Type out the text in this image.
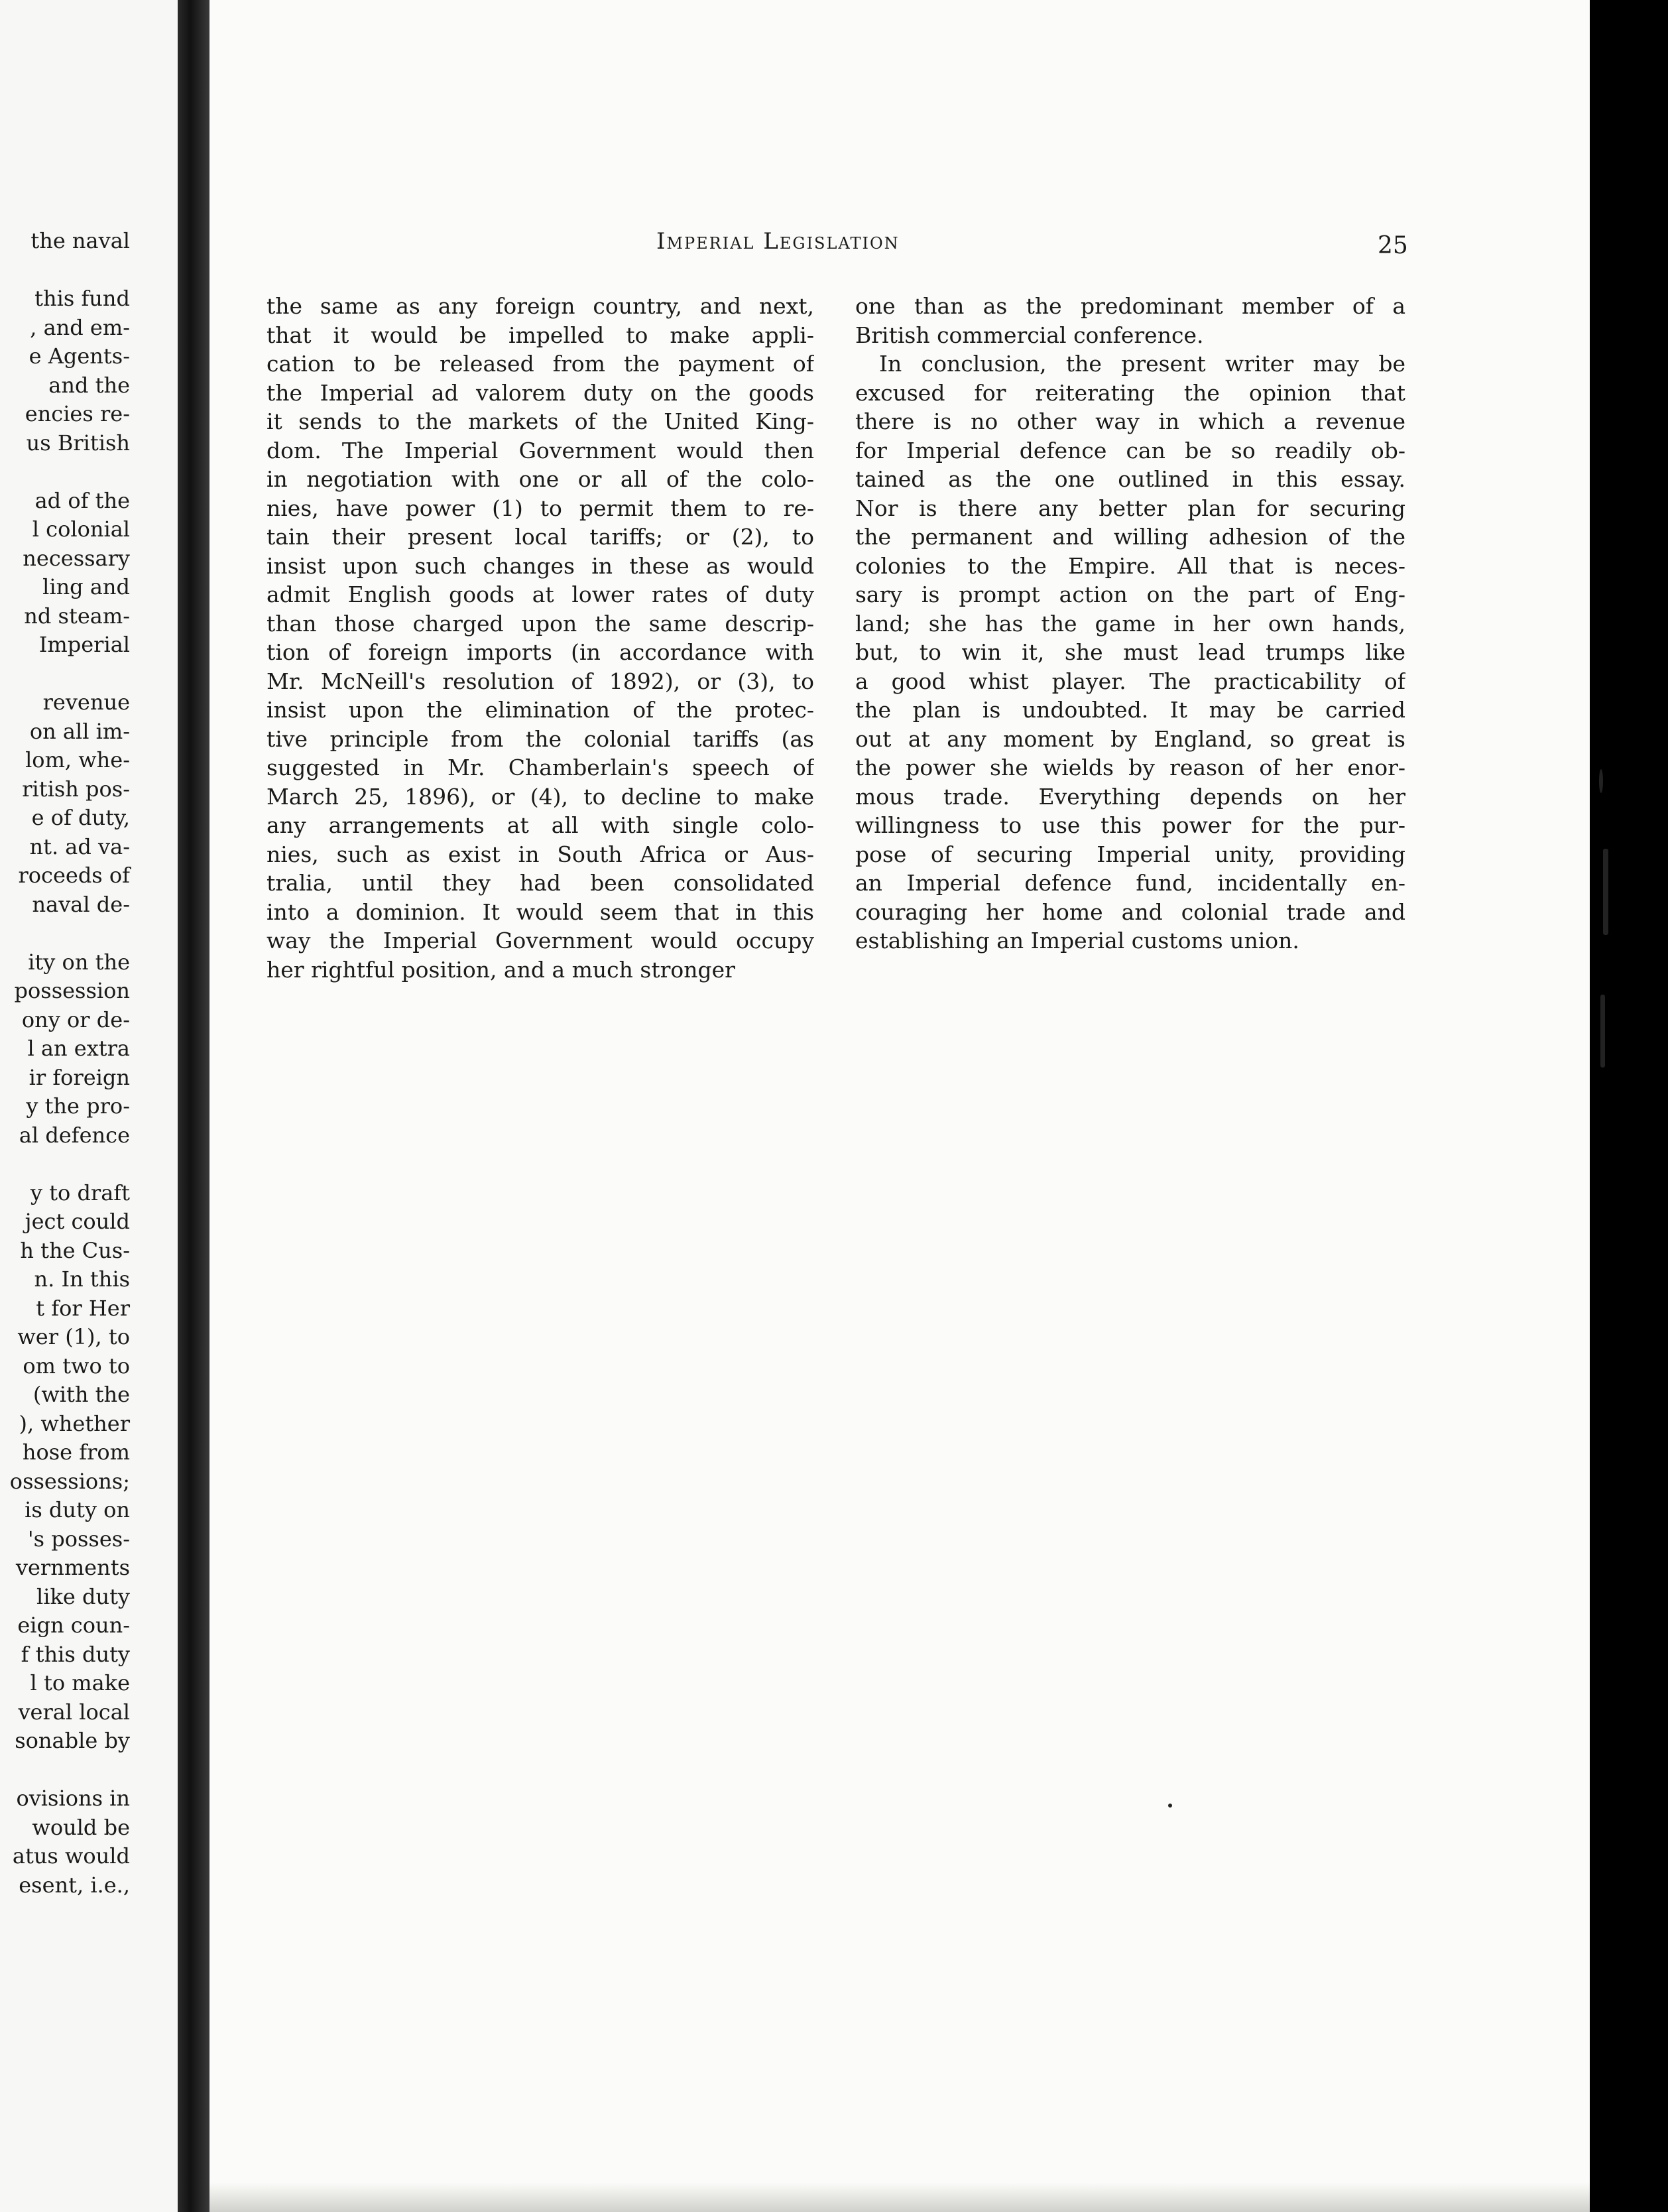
the naval
this fund
, and em-
e Agents-
and the
encies re-
us British
ad of the
l colonial
necessary
ling and
nd steam-
Imperial
revenue
on all im-
lom, whe-
ritish pos-
e of duty,
nt. ad va-
roceeds of
naval de-
ity on the
possession
ony or de-
l an extra
ir foreign
y the pro-
al defence
y to draft
ject could
h the Cus-
n. In this
t for Her
wer (1), to
om two to
(with the
), whether
hose from
ossessions;
is duty on
's posses-
vernments
like duty
eign coun-
f this duty
l to make
veral local
sonable by
ovisions in
would be
atus would
esent, i.e.,
Imperial Legislation	25
the same as any foreign country, and next,
that it would be impelled to make appli-
cation to be released from the payment of
the Imperial ad valorem duty on the goods
it sends to the markets of the United King-
dom. The Imperial Government would then
in negotiation with one or all of the colo-
nies, have power (1) to permit them to re-
tain their present local tariffs; or (2), to
insist upon such changes in these as would
admit English goods at lower rates of duty
than those charged upon the same descrip-
tion of foreign imports (in accordance with
Mr. McNeill's resolution of 1892), or (3), to
insist upon the elimination of the protec-
tive principle from the colonial tariffs (as
suggested in Mr. Chamberlain's speech of
March 25, 1896), or (4), to decline to make
any arrangements at all with single colo-
nies, such as exist in South Africa or Aus-
tralia, until they had been consolidated
into a dominion. It would seem that in this
way the Imperial Government would occupy
her rightful position, and a much stronger
one than as the predominant member of a
British commercial conference.
In conclusion, the present writer may be
excused for reiterating the opinion that
there is no other way in which a revenue
for Imperial defence can be so readily ob-
tained as the one outlined in this essay.
Nor is there any better plan for securing
the permanent and willing adhesion of the
colonies to the Empire. All that is neces-
sary is prompt action on the part of Eng-
land; she has the game in her own hands,
but, to win it, she must lead trumps like
a good whist player. The practicability of
the plan is undoubted. It may be carried
out at any moment by England, so great is
the power she wields by reason of her enor-
mous trade. Everything depends on her
willingness to use this power for the pur-
pose of securing Imperial unity, providing
an Imperial defence fund, incidentally en-
couraging her home and colonial trade and
establishing an Imperial customs union.
